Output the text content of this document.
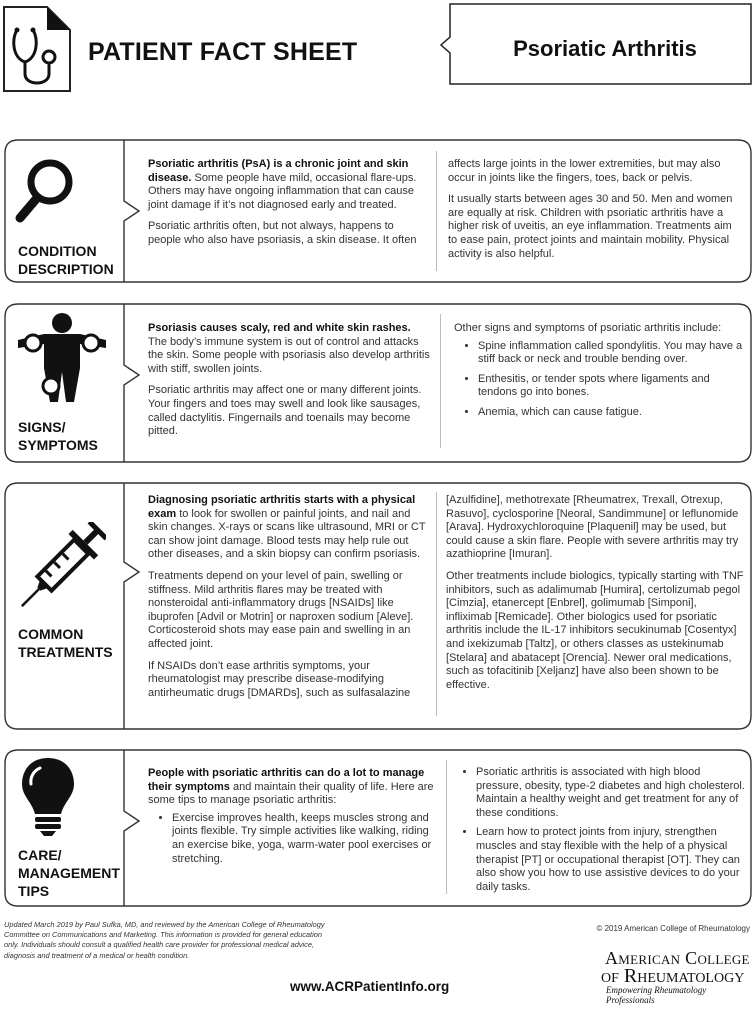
PATIENT FACT SHEET	Psoriatic Arthritis
CONDITION
DESCRIPTION

Psoriatic arthritis (PsA) is a chronic joint and skin disease. Some people have mild, occasional flare-ups. Others may have ongoing inflammation that can cause joint damage if it’s not diagnosed early and treated.

Psoriatic arthritis often, but not always, happens to people who also have psoriasis, a skin disease. It often

affects large joints in the lower extremities, but may also occur in joints like the fingers, toes, back or pelvis.

It usually starts between ages 30 and 50. Men and women are equally at risk. Children with psoriatic arthritis have a higher risk of uveitis, an eye inflammation. Treatments aim to ease pain, protect joints and maintain mobility. Physical activity is also helpful.

SIGNS/
SYMPTOMS

Psoriasis causes scaly, red and white skin rashes. The body’s immune system is out of control and attacks the skin. Some people with psoriasis also develop arthritis with stiff, swollen joints.

Psoriatic arthritis may affect one or many different joints. Your fingers and toes may swell and look like sausages, called dactylitis. Fingernails and toenails may become pitted.

Other signs and symptoms of psoriatic arthritis include:

• Spine inflammation called spondylitis. You may have a stiff back or neck and trouble bending over.
• Enthesitis, or tender spots where ligaments and tendons go into bones.
• Anemia, which can cause fatigue.
COMMON
TREATMENTS

Diagnosing psoriatic arthritis starts with a physical exam to look for swollen or painful joints, and nail and skin changes. X-rays or scans like ultrasound, MRI or CT can show joint damage. Blood tests may help rule out other diseases, and a skin biopsy can confirm psoriasis.

Treatments depend on your level of pain, swelling or stiffness. Mild arthritis flares may be treated with nonsteroidal anti-inflammatory drugs [NSAIDs] like ibuprofen [Advil or Motrin] or naproxen sodium [Aleve]. Corticosteroid shots may ease pain and swelling in an affected joint.

If NSAIDs don’t ease arthritis symptoms, your rheumatologist may prescribe disease-modifying antirheumatic drugs [DMARDs], such as sulfasalazine

[Azulfidine], methotrexate [Rheumatrex, Trexall, Otrexup, Rasuvo], cyclosporine [Neoral, Sandimmune] or leflunomide [Arava]. Hydroxychloroquine [Plaquenil] may be used, but could cause a skin flare. People with severe arthritis may try azathioprine [Imuran].

Other treatments include biologics, typically starting with TNF inhibitors, such as adalimumab [Humira], certolizumab pegol [Cimzia], etanercept [Enbrel], golimumab [Simponi], infliximab [Remicade]. Other biologics used for psoriatic arthritis include the IL-17 inhibitors secukinumab [Cosentyx] and ixekizumab [Taltz], or others classes as ustekinumab [Stelara] and abatacept [Orencia]. Newer oral medications, such as tofacitinib [Xeljanz] have also been shown to be effective.

CARE/
MANAGEMENT
TIPS

People with psoriatic arthritis can do a lot to manage their symptoms and maintain their quality of life. Here are some tips to manage psoriatic arthritis:

• Exercise improves health, keeps muscles strong and joints flexible. Try simple activities like walking, riding an exercise bike, yoga, warm-water pool exercises or stretching.
• Psoriatic arthritis is associated with high blood pressure, obesity, type-2 diabetes and high cholesterol. Maintain a healthy weight and get treatment for any of these conditions.
• Learn how to protect joints from injury, strengthen muscles and stay flexible with the help of a physical therapist [PT] or occupational therapist [OT]. They can also show you how to use assistive devices to do your daily tasks.
Updated March 2019 by Paul Sufka, MD, and reviewed by the American College of Rheumatology Committee on Communications and Marketing. This information is provided for general education only. Individuals should consult a qualified health care provider for professional medical advice, diagnosis and treatment of a medical or health condition.
© 2019 American College of Rheumatology
www.ACRPatientInfo.org
American College
of Rheumatology
Empowering Rheumatology Professionals
